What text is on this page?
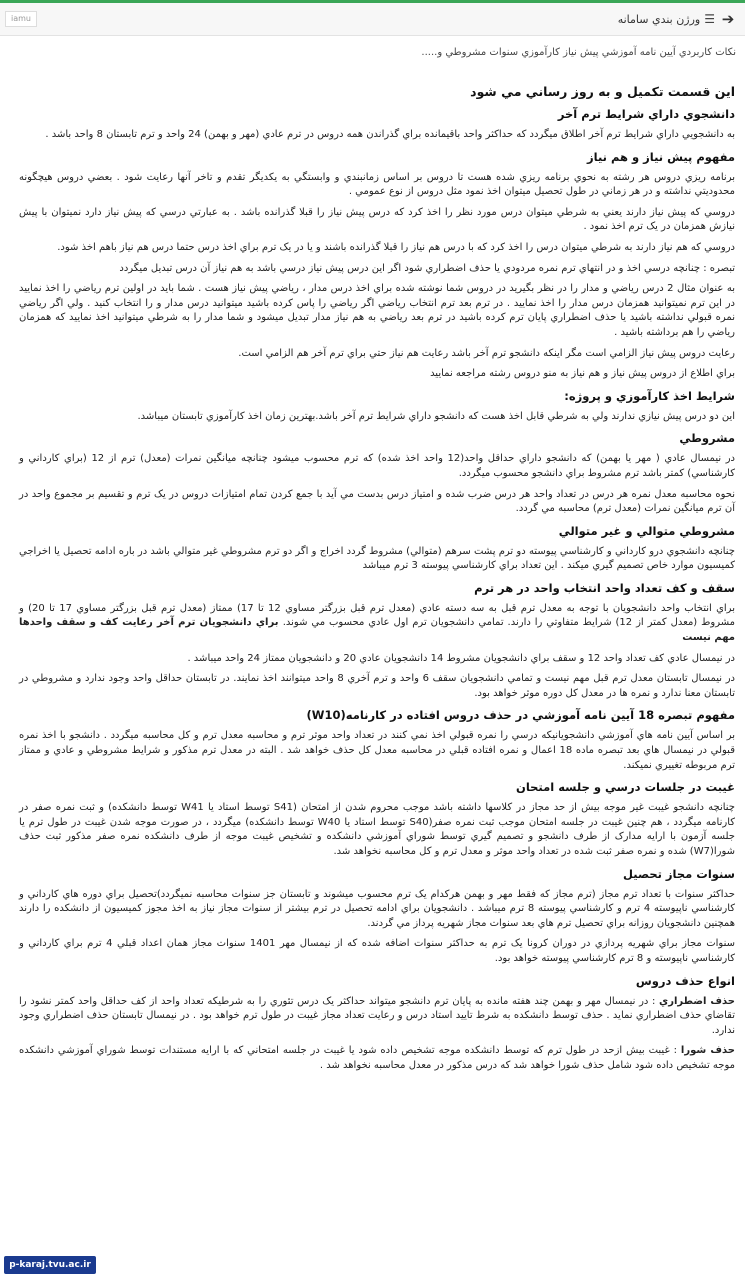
➔
☰
ورژن بندي سامانه
iamu
نکات کاربردي آيين نامه آموزشي پيش نياز کارآموزي سنوات مشروطي و.....
اين قسمت تکميل و به روز رساني مي شود
دانشجوي داراي شرايط ترم آخر

به دانشجويي داراي شرايط ترم آخر اطلاق ميگردد که حداکثر واحد باقيمانده براي گذراندن همه دروس در ترم عادي (مهر و بهمن) 24 واحد و ترم تابستان 8 واحد باشد .

مفهوم پيش نياز و هم نياز

برنامه ريزي دروس هر رشته به نحوي برنامه ريزي شده هست تا دروس بر اساس زمانبندي و وابستگي به يکديگر تقدم و تاخر آنها رعايت شود . بعضي دروس هيچگونه محدوديتي نداشته و در هر زماني در طول تحصيل ميتوان اخذ نمود مثل دروس از نوع عمومي .

دروسي که پيش نياز دارند يعني به شرطي ميتوان درس مورد نظر را اخذ کرد که درس پيش نياز را قبلا گذرانده باشد . به عبارتي درسي که پيش نياز دارد نميتوان با پيش نيازش همزمان در يک ترم اخذ نمود .

دروسي که هم نياز دارند به شرطي ميتوان درس را اخذ کرد که با درس هم نياز را قبلا گذرانده باشند و يا در يک ترم براي اخذ درس حتما درس هم نياز باهم اخذ شود.

تبصره : چنانچه درسي اخذ و در انتهاي ترم نمره مردودي يا حذف اضطراري شود اگر اين درس پيش نياز درسي باشد به هم نياز آن درس تبديل ميگردد

به عنوان مثال 2 درس رياضي و مدار را در نظر بگيريد در دروس شما نوشته شده براي اخذ درس مدار ، رياضي پيش نياز هست . شما بايد در اولين ترم رياضي را اخذ نماييد در اين ترم نميتوانيد همزمان درس مدار را اخذ نماييد . در ترم بعد ترم انتخاب رياضي اگر رياضي را پاس کرده باشيد ميتوانيد درس مدار و را انتخاب کنيد . ولي اگر رياضي نمره قبولي نداشته باشيد يا حذف اضطراري پايان ترم کرده باشيد در ترم بعد رياضي به هم نياز مدار تبديل ميشود و شما مدار را به شرطي ميتوانيد اخذ نماييد که همزمان رياضي را هم برداشته باشيد .

رعايت دروس پيش نياز الزامي است مگر اينکه دانشجو ترم آخر باشد رعايت هم نياز حتي براي ترم آخر هم الزامي است.

براي اطلاع از دروس پيش نياز و هم نياز به منو دروس رشته مراجعه نماييد

شرايط اخذ کارآموزي و پروژه:

اين دو درس پيش نيازي ندارند ولي به شرطي قابل اخذ هست که دانشجو داراي شرايط ترم آخر باشد.بهترين زمان اخذ کارآموزي تابستان ميباشد.

مشروطي

در نيمسال عادي ( مهر يا بهمن) که دانشجو داراي حداقل واحد(12 واحد اخذ شده) که ترم محسوب ميشود چنانچه ميانگين نمرات (معدل) ترم از 12 (براي کارداني و کارشناسي) کمتر باشد ترم مشروط براي دانشجو محسوب ميگردد.

نحوه محاسبه معدل نمره هر درس در تعداد واحد هر درس ضرب شده و امتياز درس بدست مي آيد با جمع کردن تمام امتيازات دروس در يک ترم و تقسيم بر مجموع واحد در آن ترم ميانگين نمرات (معدل ترم) محاسبه مي گردد.

مشروطي متوالي و غير متوالي

چنانچه دانشجوي درو کارداني و کارشناسي پيوسته دو ترم پشت سرهم (متوالي) مشروط گردد اخراج و اگر دو ترم مشروطي غير متوالي باشد در باره ادامه تحصيل يا اخراجي کميسيون موارد خاص تصميم گيري ميکند . اين تعداد براي کارشناسي پيوسته 3 ترم ميباشد

سقف و کف تعداد واحد انتخاب واحد در هر ترم

براي انتخاب واحد دانشجويان با توجه به معدل ترم قبل به سه دسته عادي (معدل ترم قبل بزرگتر مساوي 12 تا 17) ممتاز (معدل ترم قبل بزرگتر مساوي 17 تا 20) و مشروط (معدل کمتر از 12) شرايط متفاوتي را دارند. تمامي دانشجويان ترم اول عادي محسوب مي شوند. براي دانشجويان ترم آخر رعايت کف و سقف واحدها مهم نيست

در نيمسال عادي کف تعداد واحد 12 و سقف براي دانشجويان مشروط 14 دانشجويان عادي 20 و دانشجويان ممتاز 24 واحد ميباشد .

در نيمسال تابستان معدل ترم قبل مهم نيست و تمامي دانشجويان سقف 6 واحد و ترم آخري 8 واحد ميتوانند اخذ نمايند. در تابستان حداقل واحد وجود ندارد و مشروطي در تابستان معنا ندارد و نمره ها در معدل کل دوره موثر خواهد بود.

مفهوم تبصره 18 آيين نامه آموزشي در حذف دروس افتاده در کارنامه(W10)

بر اساس آيين نامه هاي آموزشي دانشجويانيکه درسي را نمره قبولي اخذ نمي کنند در تعداد واحد موثر ترم و محاسبه معدل ترم و کل محاسبه ميگردد . دانشجو با اخذ نمره قبولي در نيمسال هاي بعد تبصره ماده 18 اعمال و نمره افتاده قبلي در محاسبه معدل کل حذف خواهد شد . البته در معدل ترم مذکور و شرايط مشروطي و عادي و ممتاز ترم مربوطه تغييري نميکند.

غيبت در جلسات درسي و جلسه امتحان

چنانچه دانشجو غيبت غير موجه بيش از حد مجاز در کلاسها داشته باشد موجب محروم شدن از امتحان (S41 توسط استاد يا W41 توسط دانشکده) و ثبت نمره صفر در کارنامه ميگردد ، هم چنين غيبت در جلسه امتحان موجب ثبت نمره صفر(S40 توسط استاد يا W40 توسط دانشکده) ميگردد ، در صورت موجه شدن غيبت در طول ترم يا جلسه آزمون با ارايه مدارک از طرف دانشجو و تصميم گيري توسط شوراي آموزشي دانشکده و تشخيص غيبت موجه از طرف دانشکده نمره صفر مذکور ثبت حذف شورا(W7) شده و نمره صفر ثبت شده در تعداد واحد موثر و معدل ترم و کل محاسبه نخواهد شد.

سنوات مجاز تحصيل

حداکثر سنوات با تعداد ترم مجاز (ترم مجاز که فقط مهر و بهمن هرکدام يک ترم محسوب ميشوند و تابستان جز سنوات محاسبه نميگردد)تحصيل براي دوره هاي کارداني و کارشناسي ناپيوسته 4 ترم و کارشناسي پيوسته 8 ترم ميباشد . دانشجويان براي ادامه تحصيل در ترم بيشتر از سنوات مجاز نياز به اخذ مجوز کميسيون از دانشکده را دارند همچنين دانشجويان روزانه براي تحصيل ترم هاي بعد سنوات مجاز شهريه پرداز مي گردند.

سنوات مجاز براي شهريه پردازي در دوران کرونا يک ترم به حداکثر سنوات اضافه شده که از نيمسال مهر 1401 سنوات مجاز همان اعداد قبلي 4 ترم براي کارداني و کارشناسي ناپيوسته و 8 ترم کارشناسي پيوسته خواهد بود.

انواع حذف دروس

حذف اضطراري : در نيمسال مهر و بهمن چند هفته مانده به پايان ترم دانشجو ميتواند حداکثر يک درس تئوري را به شرطيکه تعداد واحد از کف حداقل واحد کمتر نشود را تقاضاي حذف اضطراري نمايد . حذف توسط دانشکده به شرط تاييد استاد درس و رعايت تعداد مجاز غيبت در طول ترم خواهد بود . در نيمسال تابستان حذف اضطراري وجود ندارد.

حذف شورا : غيبت بيش ازحد در طول ترم که توسط دانشکده موجه تشخيص داده شود يا غيبت در جلسه امتحاني که با ارايه مستندات توسط شوراي آموزشي دانشکده موجه تشخيص داده شود شامل حذف شورا خواهد شد که درس مذکور در معدل محاسبه نخواهد شد .

p-karaj.tvu.ac.ir
